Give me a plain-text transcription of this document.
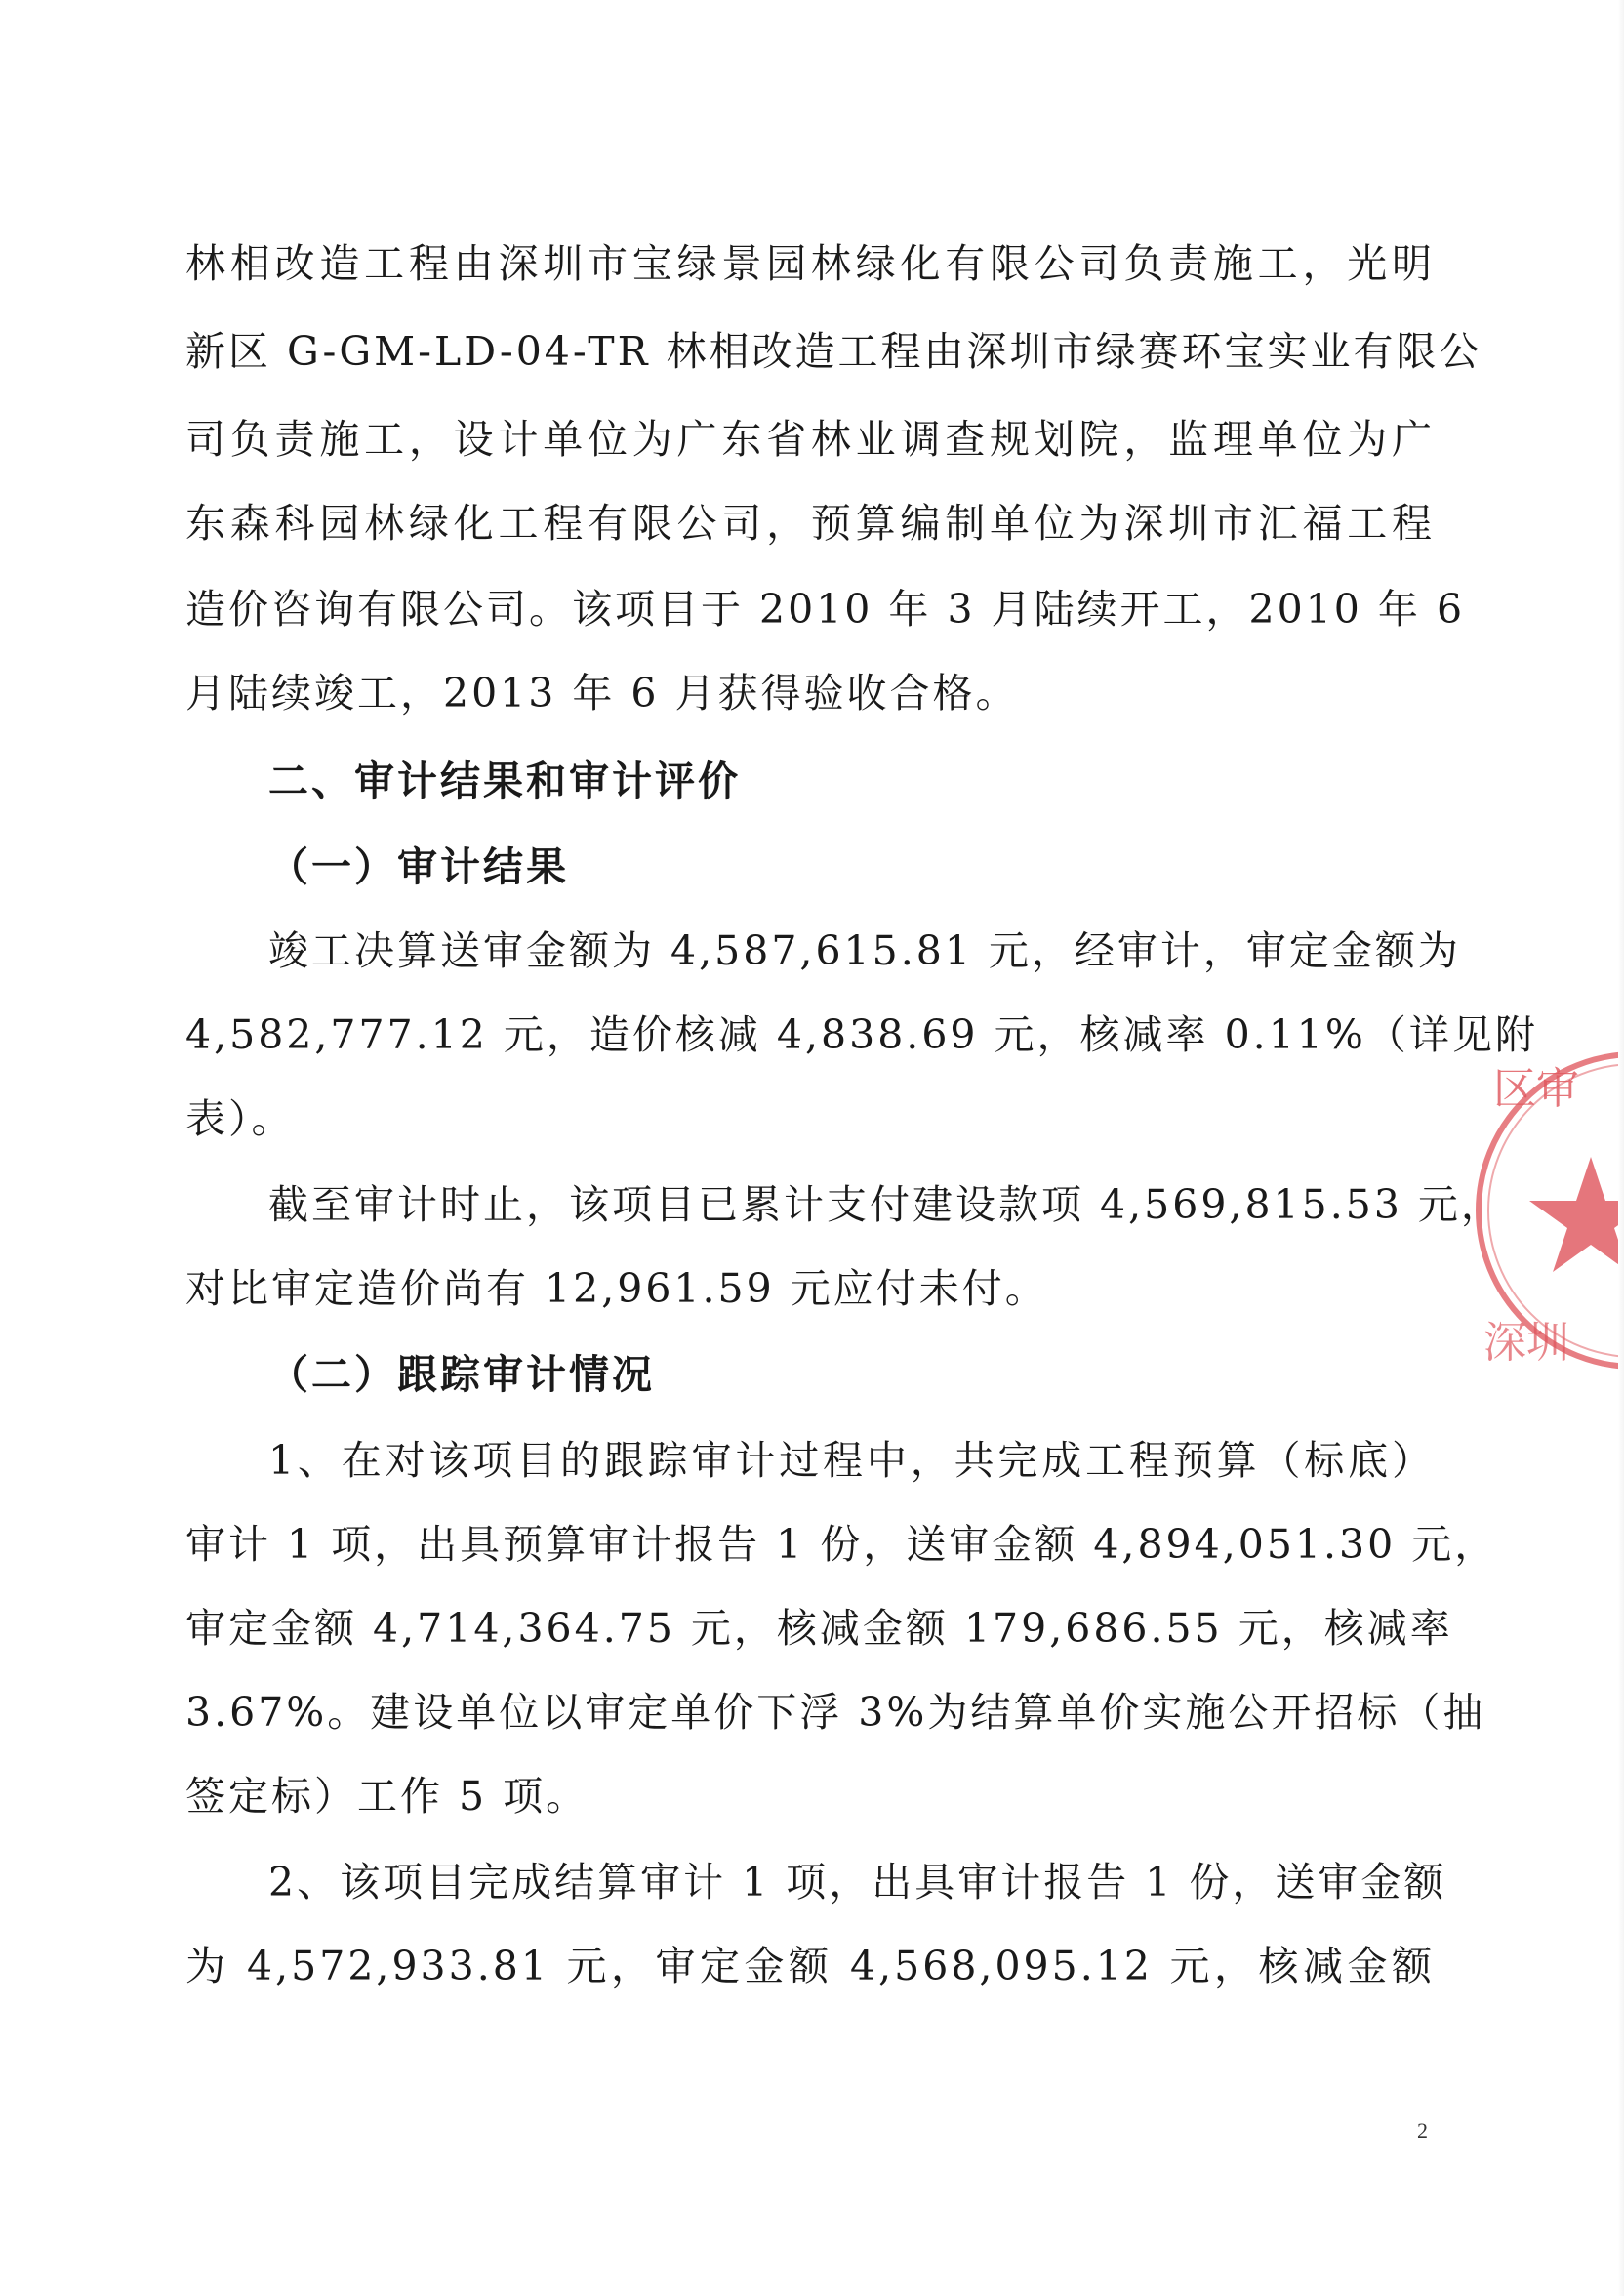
林相改造工程由深圳市宝绿景园林绿化有限公司负责施工，光明
新区 G-GM-LD-04-TR 林相改造工程由深圳市绿赛环宝实业有限公
司负责施工，设计单位为广东省林业调查规划院，监理单位为广
东森科园林绿化工程有限公司，预算编制单位为深圳市汇福工程
造价咨询有限公司。该项目于 2010 年 3 月陆续开工，2010 年 6
月陆续竣工，2013 年 6 月获得验收合格。
二、审计结果和审计评价
（一）审计结果
竣工决算送审金额为 4,587,615.81 元，经审计，审定金额为
4,582,777.12 元，造价核减 4,838.69 元，核减率 0.11%（详见附
表）。
截至审计时止，该项目已累计支付建设款项 4,569,815.53 元，
对比审定造价尚有 12,961.59 元应付未付。
（二）跟踪审计情况
1、在对该项目的跟踪审计过程中，共完成工程预算（标底）
审计 1 项，出具预算审计报告 1 份，送审金额 4,894,051.30 元，
审定金额 4,714,364.75 元，核减金额 179,686.55 元，核减率
3.67%。建设单位以审定单价下浮 3%为结算单价实施公开招标（抽
签定标）工作 5 项。
2、该项目完成结算审计 1 项，出具审计报告 1 份，送审金额
为 4,572,933.81 元，审定金额 4,568,095.12 元，核减金额
区审
深圳
2
